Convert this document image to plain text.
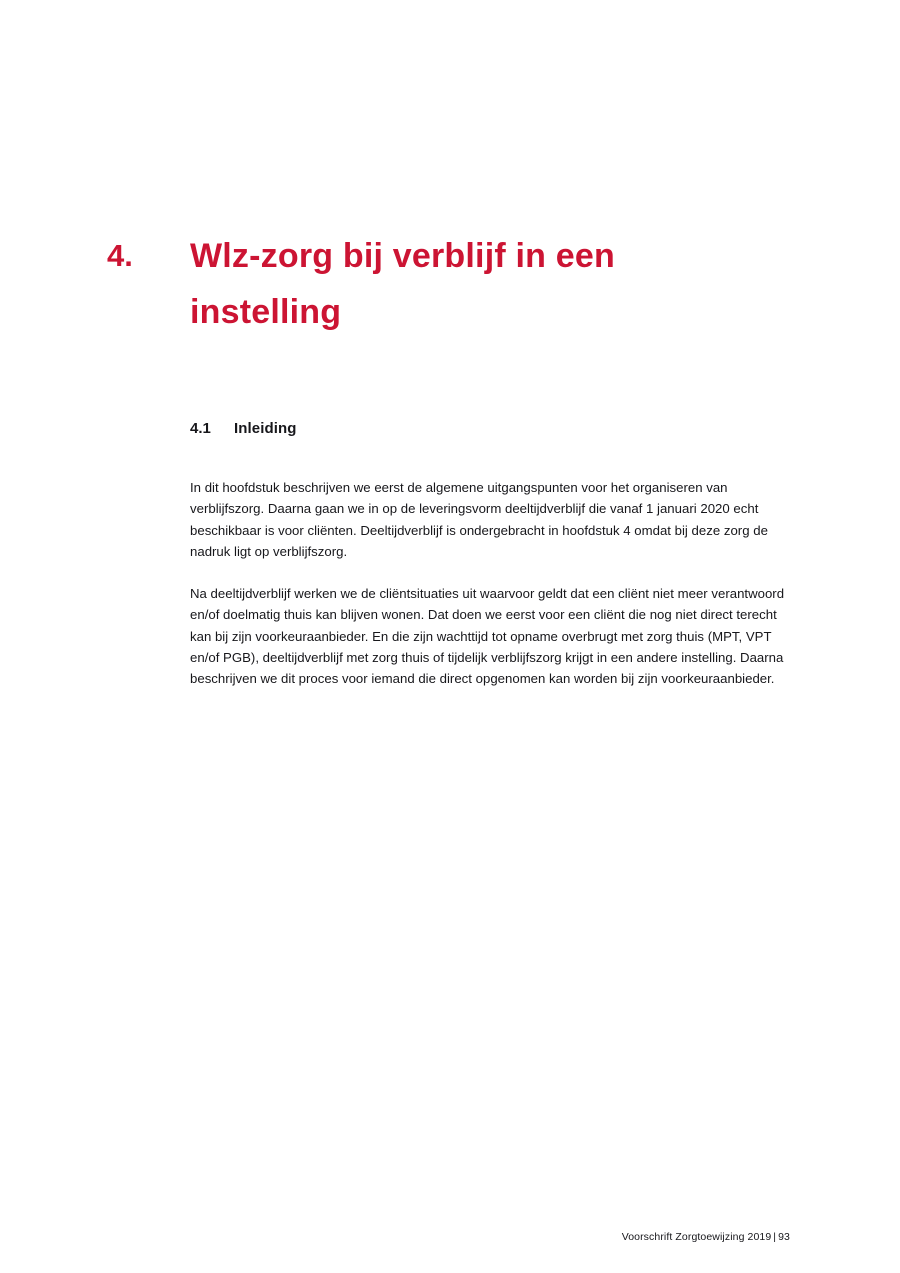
4.	Wlz-zorg bij verblijf in een instelling
4.1	Inleiding

In dit hoofdstuk beschrijven we eerst de algemene uitgangspunten voor het organiseren van verblijfszorg. Daarna gaan we in op de leveringsvorm deeltijdverblijf die vanaf 1 januari 2020 echt beschikbaar is voor cliënten. Deeltijdverblijf is ondergebracht in hoofdstuk 4 omdat bij deze zorg de nadruk ligt op verblijfszorg.

Na deeltijdverblijf werken we de cliëntsituaties uit waarvoor geldt dat een cliënt niet meer verantwoord en/of doelmatig thuis kan blijven wonen. Dat doen we eerst voor een cliënt die nog niet direct terecht kan bij zijn voorkeuraanbieder. En die zijn wachttijd tot opname overbrugt met zorg thuis (MPT, VPT en/of PGB), deeltijdverblijf met zorg thuis of tijdelijk verblijfszorg krijgt in een andere instelling. Daarna beschrijven we dit proces voor iemand die direct opgenomen kan worden bij zijn voorkeuraanbieder.

Voorschrift Zorgtoewijzing 2019 | 93
